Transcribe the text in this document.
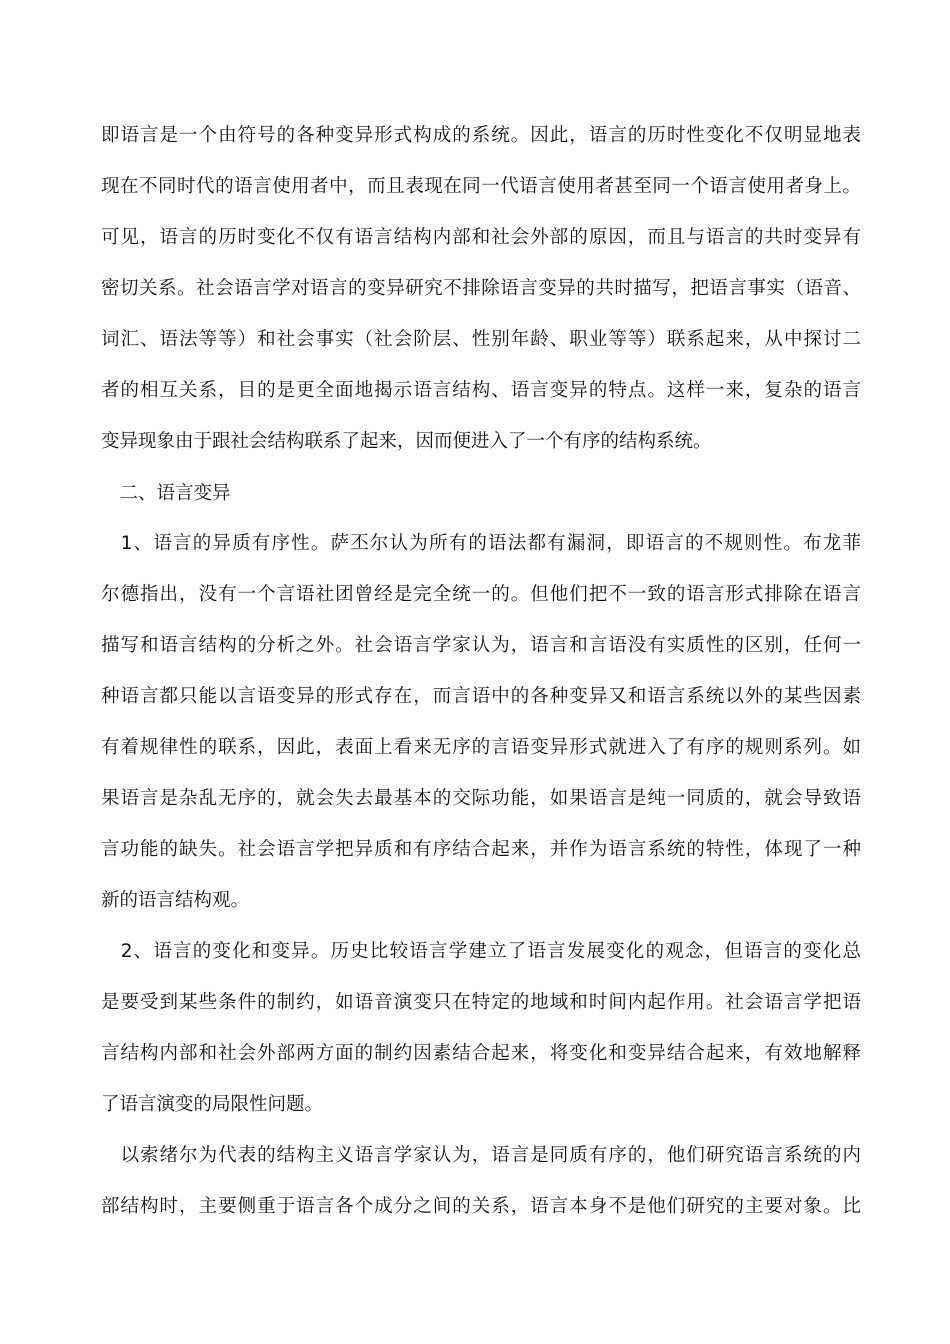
即语言是一个由符号的各种变异形式构成的系统。因此，语言的历时性变化不仅明显地表
现在不同时代的语言使用者中，而且表现在同一代语言使用者甚至同一个语言使用者身上。
可见，语言的历时变化不仅有语言结构内部和社会外部的原因，而且与语言的共时变异有
密切关系。社会语言学对语言的变异研究不排除语言变异的共时描写，把语言事实（语音、
词汇、语法等等）和社会事实（社会阶层、性别年龄、职业等等）联系起来，从中探讨二
者的相互关系，目的是更全面地揭示语言结构、语言变异的特点。这样一来，复杂的语言
变异现象由于跟社会结构联系了起来，因而便进入了一个有序的结构系统。
　二、语言变异
　1、语言的异质有序性。萨丕尔认为所有的语法都有漏洞，即语言的不规则性。布龙菲
尔德指出，没有一个言语社团曾经是完全统一的。但他们把不一致的语言形式排除在语言
描写和语言结构的分析之外。社会语言学家认为，语言和言语没有实质性的区别，任何一
种语言都只能以言语变异的形式存在，而言语中的各种变异又和语言系统以外的某些因素
有着规律性的联系，因此，表面上看来无序的言语变异形式就进入了有序的规则系列。如
果语言是杂乱无序的，就会失去最基本的交际功能，如果语言是纯一同质的，就会导致语
言功能的缺失。社会语言学把异质和有序结合起来，并作为语言系统的特性，体现了一种
新的语言结构观。
　2、语言的变化和变异。历史比较语言学建立了语言发展变化的观念，但语言的变化总
是要受到某些条件的制约，如语音演变只在特定的地域和时间内起作用。社会语言学把语
言结构内部和社会外部两方面的制约因素结合起来，将变化和变异结合起来，有效地解释
了语言演变的局限性问题。
　以索绪尔为代表的结构主义语言学家认为，语言是同质有序的，他们研究语言系统的内
部结构时，主要侧重于语言各个成分之间的关系，语言本身不是他们研究的主要对象。比
